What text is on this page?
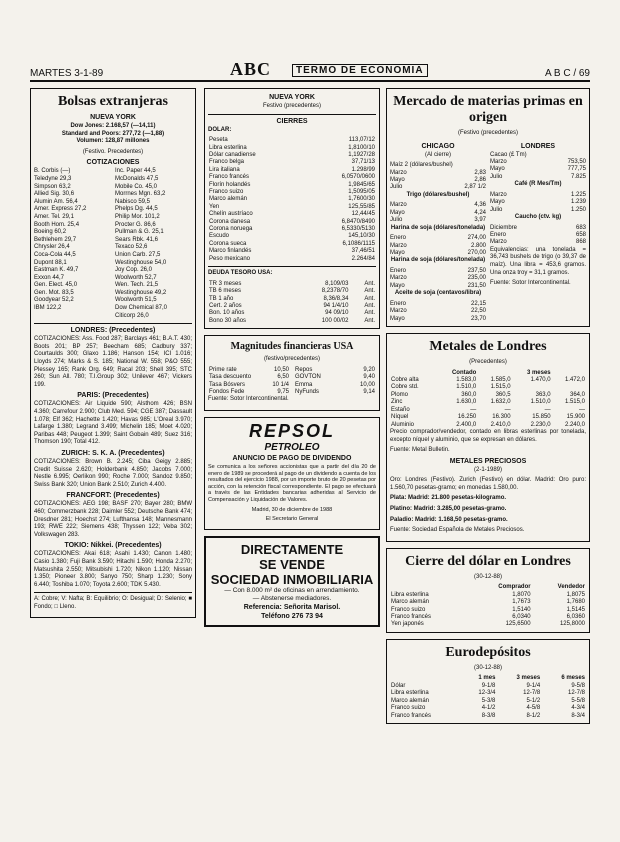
MARTES 3-1-89	ABC	TERMO DE ECONOMIA	A B C / 69
Bolsas extranjeras
NUEVA YORK
Dow Jones: 2.168,57 (—14,11)
Standard and Poors: 277,72 (—1,88)
Volumen: 128,87 millones
(Festivo. Precedentes)
COTIZACIONES
B. Corbis (—)
Teledyne 29,3
Simpson 63,2
Allied Sig. 30,6
Alumin Am. 56,4
Amer. Express 27,2
Amer. Tel. 29,1
Booth Hom. 25,4
Boeing 60,2
Bethlehem 29,7
Chrysler 26,4
Coca-Cola 44,5
Dupont 88,1
Eastman K. 49,7
Exxon 44,7
Gen. Elect. 45,0
Gen. Mot. 83,5
Goodyear 52,2
IBM 122,2
Inc. Paper 44,5
McDonalds 47,5
Mobile Co. 45,0
Morrnes Mgn. 63,2
Nabisco 59,5
Phelps Dg. 44,5
Philip Mor. 101,2
Procter G. 86,6
Pullman & G. 25,1
Sears Rbk. 41,6
Texaco 52,6
Union Carb. 27,5
Westinghouse 54,0
Joy Cop. 26,0
Woolworth 52,7
Wen. Tech. 21,5
Westinghouse 49,2
Woolworth 51,5
Dow Chemical 87,0
Citicorp 26,0
LONDRES: (Precedentes)

COTIZACIONES: Ass. Food 287; Barclays 461; B.A.T. 430; Boots 201; BP 257; Beecham 685; Cadbury 337; Courtaulds 300; Glaxo 1.186; Hanson 154; ICI 1.016; Lloyds 274; Marks & S. 185; National W. 558; P&O 555; Plessey 165; Rank Org. 649; Racal 203; Shell 395; STC 260; Sun All. 780; T.I.Group 302; Unilever 467; Vickers 199.

PARIS: (Precedentes)

COTIZACIONES: Air Liquide 590; Alsthom 426; BSN 4.360; Carrefour 2.900; Club Med. 594; CGE 387; Dassault 1.078; Elf 362; Hachette 1.420; Havas 985; L'Oreal 3.970; Lafarge 1.380; Legrand 3.499; Michelin 185; Moet 4.020; Paribas 448; Peugeot 1.399; Saint Gobain 489; Suez 316; Thomson 190; Total 412.

ZURICH: S. K. A. (Precedentes)

COTIZACIONES: Brown B. 2.245; Ciba Geigy 2.885; Credit Suisse 2.620; Holderbank 4.850; Jacobs 7.000; Nestle 6.995; Oerlikon 990; Roche 7.000; Sandoz 9.850; Swiss Bank 320; Union Bank 2.510; Zurich 4.400.

FRANCFORT: (Precedentes)

COTIZACIONES: AEG 198; BASF 270; Bayer 280; BMW 460; Commerzbank 228; Daimler 552; Deutsche Bank 474; Dresdner 281; Hoechst 274; Lufthansa 148; Mannesmann 193; RWE 222; Siemens 438; Thyssen 122; Veba 302; Volkswagen 283.

TOKIO: Nikkei. (Precedentes)

COTIZACIONES: Akai 618; Asahi 1.430; Canon 1.480; Casio 1.380; Fuji Bank 3.590; Hitachi 1.590; Honda 2.270; Matsushita 2.550; Mitsubishi 1.720; Nikon 1.120; Nissan 1.350; Pioneer 3.800; Sanyo 750; Sharp 1.230; Sony 6.440; Toshiba 1.070; Toyota 2.600; TDK 5.430.

A: Cobre; V: Nafta; B: Equilibrio; O: Desigual; D: Selenio; ■ Fondo; □ Lleno.

NUEVA YORK
Festivo (precedentes)
CIERRES
DOLAR:
Peseta	113,07/12
Libra esterlina	1,8100/10
Dólar canadiense	1,1927/28
Franco belga	37,71/13
Lira italiana	1.298/99
Franco francés	6,0570/0600
Florín holandés	1,9845/65
Franco suizo	1,5095/05
Marco alemán	1,7600/30
Yen	125,55/85
Chelín austríaco	12,44/45
Corona danesa	6,8470/8490
Corona noruega	6,5330/5130
Escudo	145,10/30
Corona sueca	6,1086/1115
Marco finlandés	37,46/51
Peso mexicano	2.264/84
DEUDA TESORO USA:
TR 3 meses	8,109/03	Ant.
TB 6 meses	8,2378/70	Ant.
TB 1 año	8,36/8,34	Ant.
Cert. 2 años	94 1/4/10	Ant.
Bon. 10 años	94 09/10	Ant.
Bono 30 años	100 00/02	Ant.
Magnitudes financieras USA
(festivo/precedentes)
Prime rate	10,50
Tasa descuento	6,50
Tasa Bósvers	10 1/4
Fondos Fede	9,75
Repos	9,20
GOVTON	9,40
Emma	10,00
NyFunds	9,14
Fuente: Sotor Intercontinental.
REPSOL
PETROLEO
ANUNCIO DE PAGO DE DIVIDENDO

Se comunica a los señores accionistas que a partir del día 20 de enero de 1989 se procederá al pago de un dividendo a cuenta de los resultados del ejercicio 1988, por un importe bruto de 20 pesetas por acción, con la retención fiscal correspondiente. El pago se efectuará a través de las Entidades bancarias adheridas al Servicio de Compensación y Liquidación de Valores.

Madrid, 30 de diciembre de 1988
El Secretario General
DIRECTAMENTE
SE VENDE
SOCIEDAD INMOBILIARIA
— Con 8.000 m² de oficinas en arrendamiento.
— Abstenerse mediadores.
Referencia: Señorita Marisol.
Teléfono 276 73 94
Mercado de materias primas en origen
(Festivo (precedentes)
CHICAGO
(Al cierre)
Maíz 2 (dólares/bushel)
Marzo	2,83
Mayo	2,86
Julio	2,87 1/2
Trigo (dólares/bushel)
Marzo	4,36
Mayo	4,24
Julio	3,97
Harina de soja (dólares/tonelada)
Enero	274,00
Marzo	2.800
Mayo	270,00
Harina de soja (dólares/tonelada)
Enero	237,50
Marzo	235,00
Mayo	231,50
Aceite de soja (centavos/libra)
Enero	22,15
Marzo	22,50
Mayo	23,70
LONDRES
Cacao (£ Tm)
Marzo	753,50
Mayo	777,75
Julio	7.825
Café (R Mes/Tm)
Marzo	1.225
Mayo	1.239
Julio	1.250
Caucho (ctv. kg)
Diciembre	683
Enero	658
Marzo	868

Equivalencias: una tonelada = 36,743 bushels de trigo (o 39,37 de maíz). Una libra = 453,6 gramos. Una onza troy = 31,1 gramos.

Fuente: Sotor Intercontinental.

Metales de Londres
(Precedentes)
	Contado		3 meses	
Cobre alta	1.583,0	1.585,0	1.470,0	1.472,0
Cobre std.	1.510,0	1.515,0		
Plomo	360,0	360,5	363,0	364,0
Zinc	1.630,0	1.632,0	1.510,0	1.515,0
Estaño	—	—	—	—
Níquel	16.250	16.300	15.850	15.900
Aluminio	2.400,0	2.410,0	2.230,0	2.240,0

Precio comprador/vendedor, contado en libras esterlinas por tonelada, excepto níquel y aluminio, que se expresan en dólares.

Fuente: Metal Bulletin.

METALES PRECIOSOS
(2-1-1989)

Oro: Londres (Festivo). Zurich (Festivo) en dólar. Madrid: Oro puro: 1.560,70 pesetas-gramo; en monedas 1.580,00.

Plata: Madrid: 21.800 pesetas-kilogramo.

Platino: Madrid: 3.285,00 pesetas-gramo.

Paladio: Madrid: 1.168,50 pesetas-gramo.

Fuente: Sociedad Española de Metales Preciosos.

Cierre del dólar en Londres
(30-12-88)
	Comprador	Vendedor
Libra esterlina	1,8070	1,8075
Marco alemán	1,7673	1,7680
Franco suizo	1,5140	1,5145
Franco francés	6,0340	6,0360
Yen japonés	125,6500	125,8000
Eurodepósitos
(30-12-88)
	1 mes	3 meses	6 meses
Dólar	9-1/8	9-1/4	9-5/8
Libra esterlina	12-3/4	12-7/8	12-7/8
Marco alemán	5-3/8	5-1/2	5-5/8
Franco suizo	4-1/2	4-5/8	4-3/4
Franco francés	8-3/8	8-1/2	8-3/4
